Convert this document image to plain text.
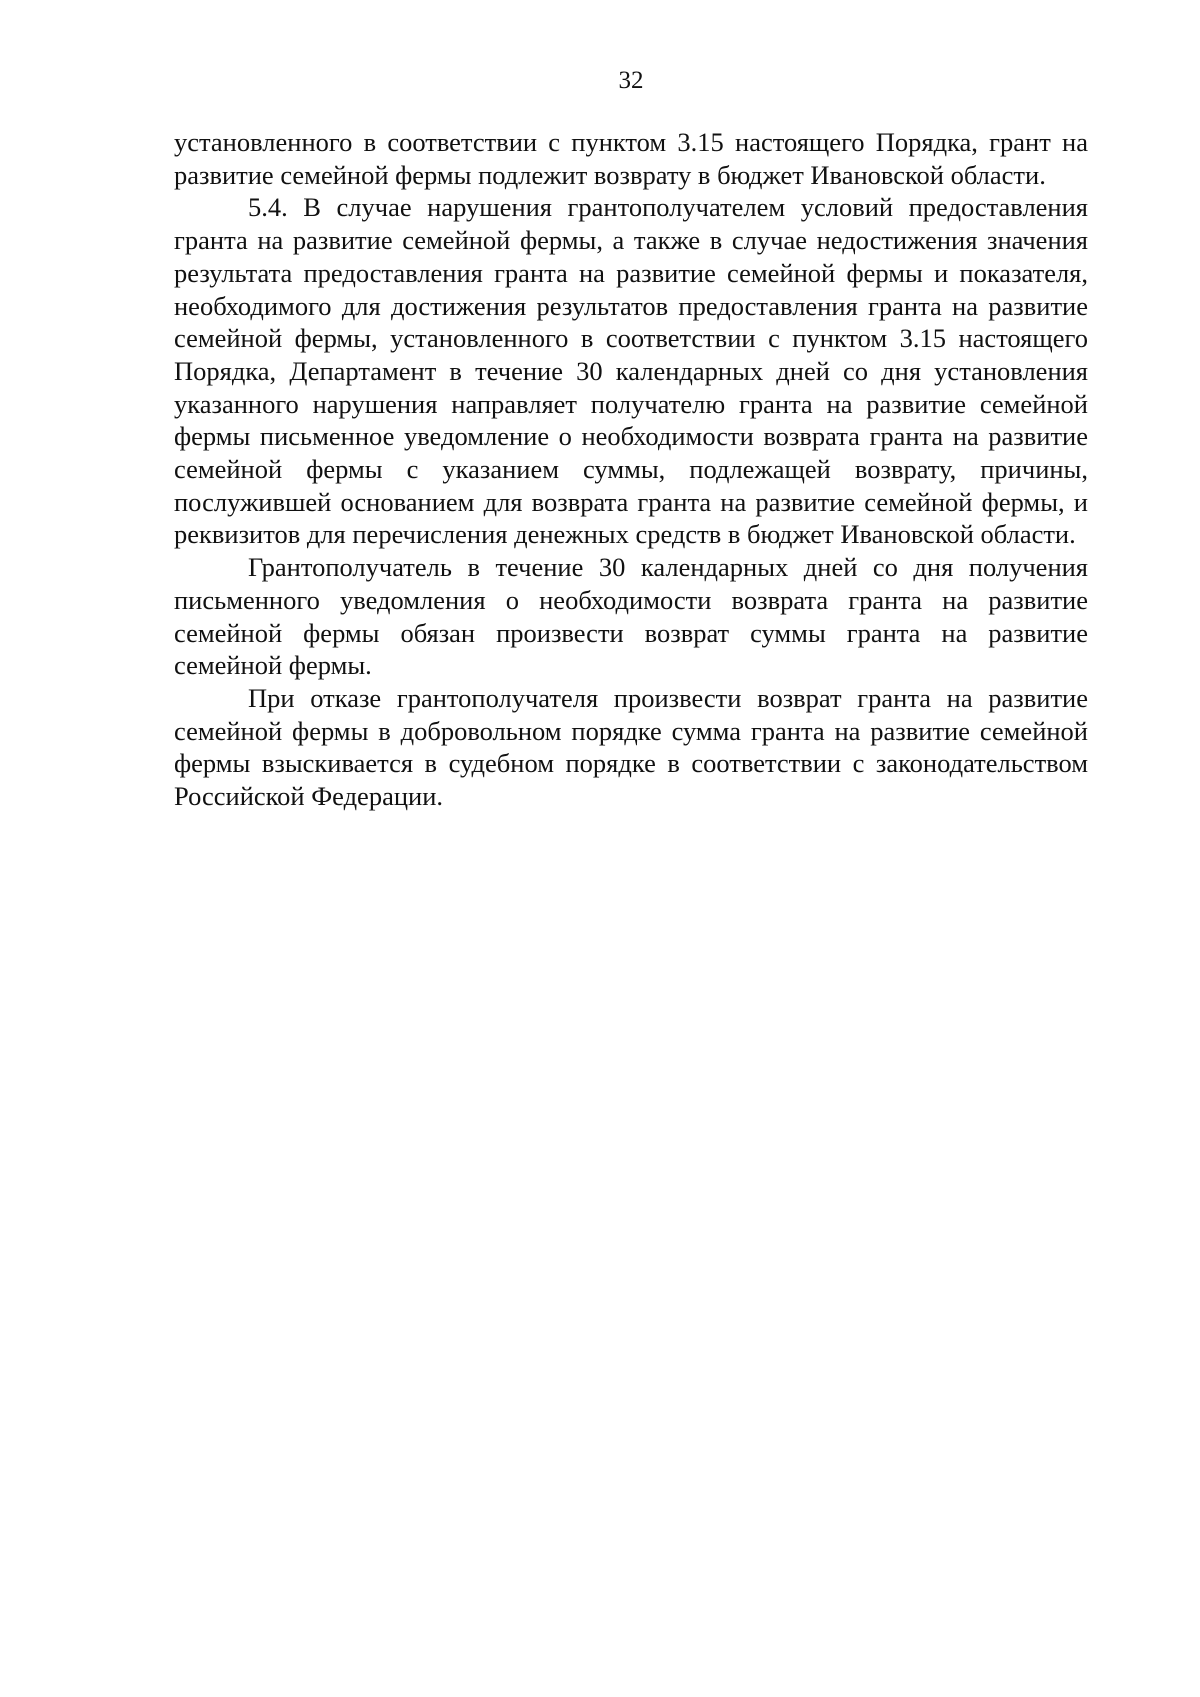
32

установленного в соответствии с пунктом 3.15 настоящего Порядка, грант на развитие семейной фермы подлежит возврату в бюджет Ивановской области.

5.4. В случае нарушения грантополучателем условий предоставления гранта на развитие семейной фермы, а также в случае недостижения значения результата предоставления гранта на развитие семейной фермы и показателя, необходимого для достижения результатов предоставления гранта на развитие семейной фермы, установленного в соответствии с пунктом 3.15 настоящего Порядка, Департамент в течение 30 календарных дней со дня установления указанного нарушения направляет получателю гранта на развитие семейной фермы письменное уведомление о необходимости возврата гранта на развитие семейной фермы с указанием суммы, подлежащей возврату, причины, послужившей основанием для возврата гранта на развитие семейной фермы, и реквизитов для перечисления денежных средств в бюджет Ивановской области.

Грантополучатель в течение 30 календарных дней со дня получения письменного уведомления о необходимости возврата гранта на развитие семейной фермы обязан произвести возврат суммы гранта на развитие семейной фермы.

При отказе грантополучателя произвести возврат гранта на развитие семейной фермы в добровольном порядке сумма гранта на развитие семейной фермы взыскивается в судебном порядке в соответствии с законодательством Российской Федерации.
